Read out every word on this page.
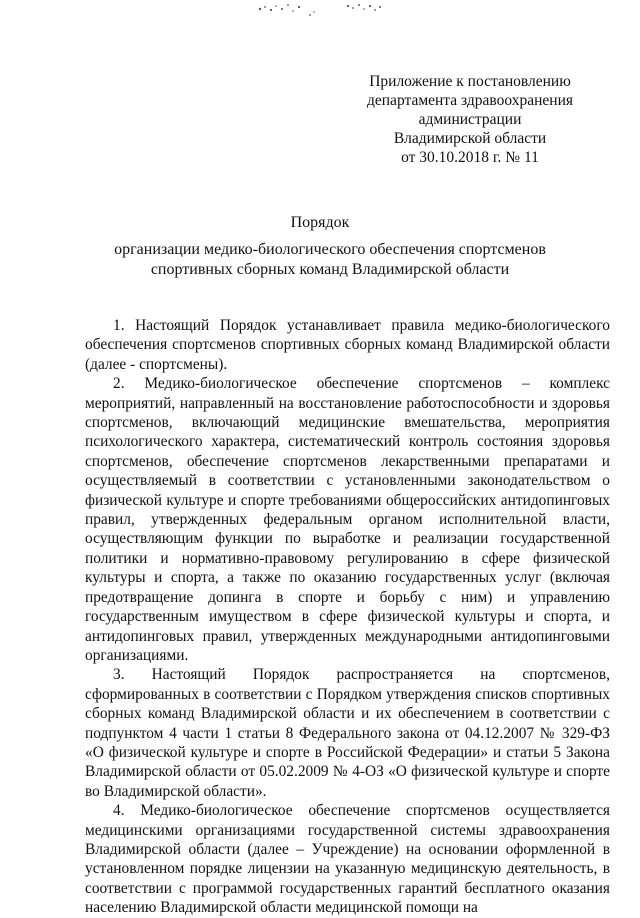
Приложение к постановлению
департамента здравоохранения
администрации
Владимирской области
от 30.10.2018 г. № 11
Порядок
организации медико-биологического обеспечения спортсменов спортивных сборных команд Владимирской области

1. Настоящий Порядок устанавливает правила медико-биологического обеспечения спортсменов спортивных сборных команд Владимирской области (далее - спортсмены).

2. Медико-биологическое обеспечение спортсменов – комплекс мероприятий, направленный на восстановление работоспособности и здоровья спортсменов, включающий медицинские вмешательства, мероприятия психологического характера, систематический контроль состояния здоровья спортсменов, обеспечение спортсменов лекарственными препаратами и осуществляемый в соответствии с установленными законодательством о физической культуре и спорте требованиями общероссийских антидопинговых правил, утвержденных федеральным органом исполнительной власти, осуществляющим функции по выработке и реализации государственной политики и нормативно-правовому регулированию в сфере физической культуры и спорта, а также по оказанию государственных услуг (включая предотвращение допинга в спорте и борьбу с ним) и управлению государственным имуществом в сфере физической культуры и спорта, и антидопинговых правил, утвержденных международными антидопинговыми организациями.

3. Настоящий Порядок распространяется на спортсменов, сформированных в соответствии с Порядком утверждения списков спортивных сборных команд Владимирской области и их обеспечением в соответствии с подпунктом 4 части 1 статьи 8 Федерального закона от 04.12.2007 № 329-ФЗ «О физической культуре и спорте в Российской Федерации» и статьи 5 Закона Владимирской области от 05.02.2009 № 4-ОЗ «О физической культуре и спорте во Владимирской области».

4. Медико-биологическое обеспечение спортсменов осуществляется медицинскими организациями государственной системы здравоохранения Владимирской области (далее – Учреждение) на основании оформленной в установленном порядке лицензии на указанную медицинскую деятельность, в соответствии с программой государственных гарантий бесплатного оказания населению Владимирской области медицинской помощи на
